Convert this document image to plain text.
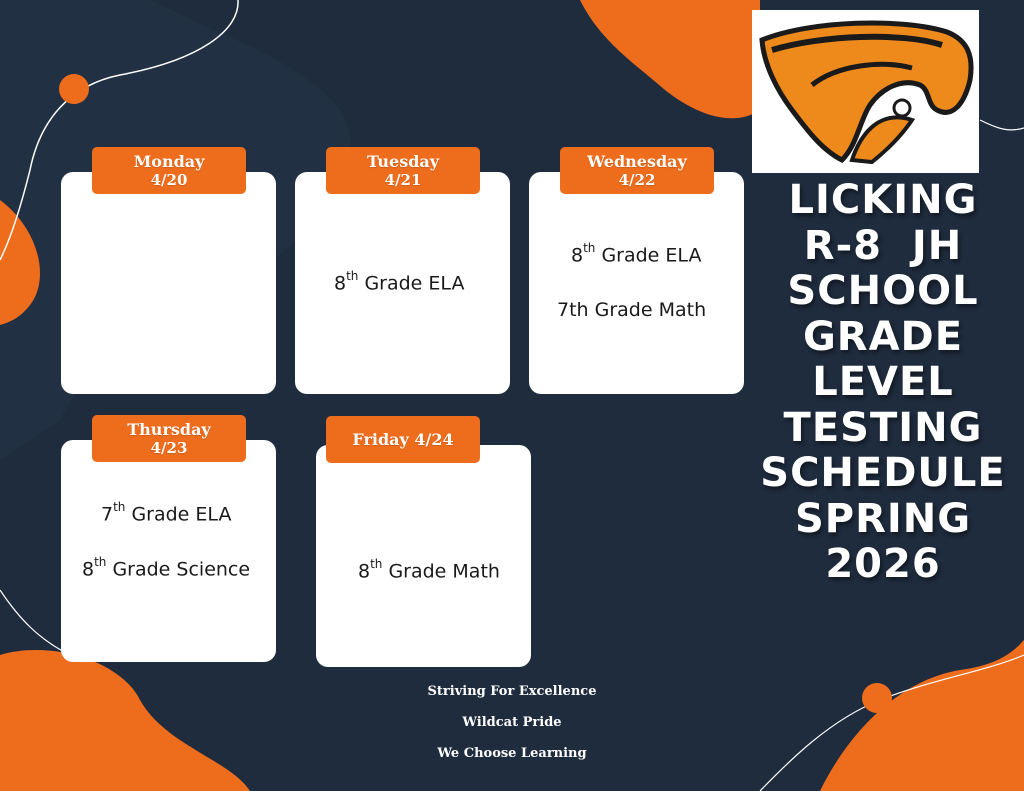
Monday
4/20
Tuesday
4/21
8th Grade ELA
Wednesday
4/22
8th Grade ELA
7th Grade Math
Thursday
4/23
7th Grade ELA
8th Grade Science
Friday 4/24
8th Grade Math
LICKING
R-8  JH
SCHOOL
GRADE
LEVEL
TESTING
SCHEDULE
SPRING
2026
Striving For Excellence
Wildcat Pride
We Choose Learning
